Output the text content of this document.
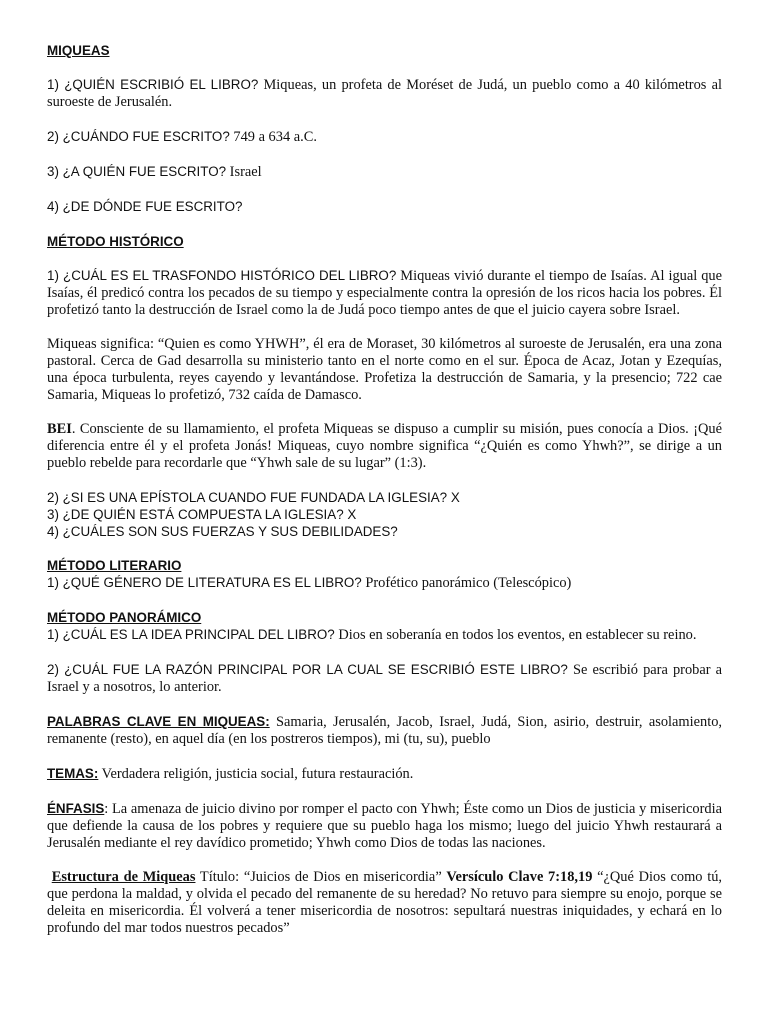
MIQUEAS

1) ¿QUIÉN ESCRIBIÓ EL LIBRO? Miqueas, un profeta de Moréset de Judá, un pueblo como a 40 kilómetros al suroeste de Jerusalén.

2) ¿CUÁNDO FUE ESCRITO? 749 a 634 a.C.

3) ¿A QUIÉN FUE ESCRITO? Israel

4) ¿DE DÓNDE FUE ESCRITO?

MÉTODO HISTÓRICO

1) ¿CUÁL ES EL TRASFONDO HISTÓRICO DEL LIBRO? Miqueas vivió durante el tiempo de Isaías. Al igual que Isaías, él predicó contra los pecados de su tiempo y especialmente contra la opresión de los ricos hacia los pobres. Él profetizó tanto la destrucción de Israel como la de Judá poco tiempo antes de que el juicio cayera sobre Israel.

Miqueas significa: “Quien es como YHWH”, él era de Moraset, 30 kilómetros al suroeste de Jerusalén, era una zona pastoral. Cerca de Gad desarrolla su ministerio tanto en el norte como en el sur. Época de Acaz, Jotan y Ezequías, una época turbulenta, reyes cayendo y levantándose. Profetiza la destrucción de Samaria, y la presencio; 722 cae Samaria, Miqueas lo profetizó, 732 caída de Damasco.

BEI. Consciente de su llamamiento, el profeta Miqueas se dispuso a cumplir su misión, pues conocía a Dios. ¡Qué diferencia entre él y el profeta Jonás! Miqueas, cuyo nombre significa “¿Quién es como Yhwh?”, se dirige a un pueblo rebelde para recordarle que “Yhwh sale de su lugar” (1:3).

2) ¿SI ES UNA EPÍSTOLA CUANDO FUE FUNDADA LA IGLESIA? X

3) ¿DE QUIÉN ESTÁ COMPUESTA LA IGLESIA? X

4) ¿CUÁLES SON SUS FUERZAS Y SUS DEBILIDADES?

MÉTODO LITERARIO

1) ¿QUÉ GÉNERO DE LITERATURA ES EL LIBRO? Profético panorámico (Telescópico)

MÉTODO PANORÁMICO

1) ¿CUÁL ES LA IDEA PRINCIPAL DEL LIBRO? Dios en soberanía en todos los eventos, en establecer su reino.

2) ¿CUÁL FUE LA RAZÓN PRINCIPAL POR LA CUAL SE ESCRIBIÓ ESTE LIBRO? Se escribió para probar a Israel y a nosotros, lo anterior.

PALABRAS CLAVE EN MIQUEAS: Samaria, Jerusalén, Jacob, Israel, Judá, Sion, asirio, destruir, asolamiento, remanente (resto), en aquel día (en los postreros tiempos), mi (tu, su), pueblo

TEMAS: Verdadera religión, justicia social, futura restauración.

ÉNFASIS: La amenaza de juicio divino por romper el pacto con Yhwh; Éste como un Dios de justicia y misericordia que defiende la causa de los pobres y requiere que su pueblo haga los mismo; luego del juicio Yhwh restaurará a Jerusalén mediante el rey davídico prometido; Yhwh como Dios de todas las naciones.

Estructura de Miqueas Título: “Juicios de Dios en misericordia” Versículo Clave 7:18,19 “¿Qué Dios como tú, que perdona la maldad, y olvida el pecado del remanente de su heredad? No retuvo para siempre su enojo, porque se deleita en misericordia. Él volverá a tener misericordia de nosotros: sepultará nuestras iniquidades, y echará en lo profundo del mar todos nuestros pecados”
